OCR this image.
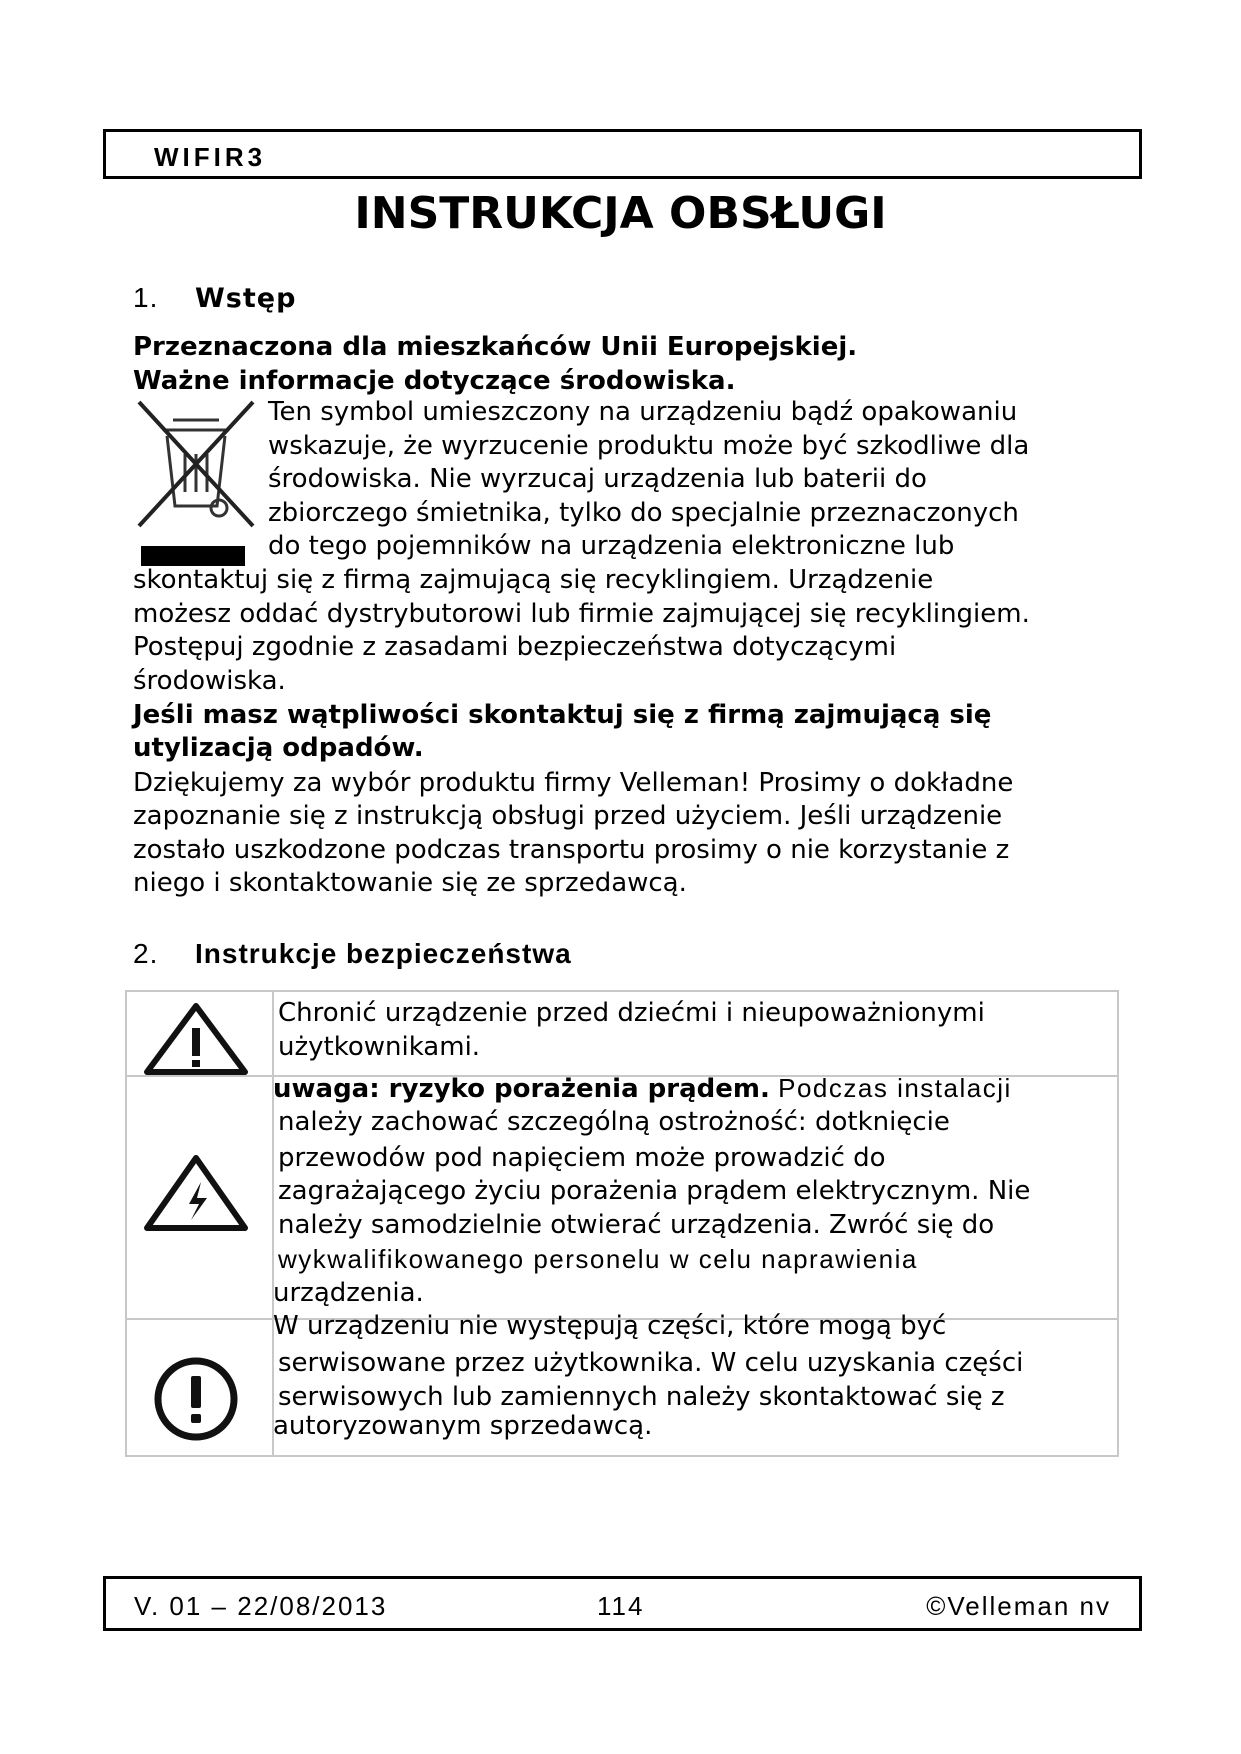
WIFIR3
INSTRUKCJA OBSŁUGI
1. Wstęp
Przeznaczona dla mieszkańców Unii Europejskiej.
Ważne informacje dotyczące środowiska.
Ten symbol umieszczony na urządzeniu bądź opakowaniu
wskazuje, że wyrzucenie produktu może być szkodliwe dla
środowiska. Nie wyrzucaj urządzenia lub baterii do
zbiorczego śmietnika, tylko do specjalnie przeznaczonych
do tego pojemników na urządzenia elektroniczne lub
skontaktuj się z firmą zajmującą się recyklingiem. Urządzenie
możesz oddać dystrybutorowi lub firmie zajmującej się recyklingiem.
Postępuj zgodnie z zasadami bezpieczeństwa dotyczącymi
środowiska.
Jeśli masz wątpliwości skontaktuj się z firmą zajmującą się
utylizacją odpadów.
Dziękujemy za wybór produktu firmy Velleman! Prosimy o dokładne
zapoznanie się z instrukcją obsługi przed użyciem. Jeśli urządzenie
zostało uszkodzone podczas transportu prosimy o nie korzystanie z
niego i skontaktowanie się ze sprzedawcą.
2. Instrukcje bezpieczeństwa
Chronić urządzenie przed dziećmi i nieupoważnionymi
użytkownikami.
uwaga: ryzyko porażenia prądem. Podczas instalacji
należy zachować szczególną ostrożność: dotknięcie
przewodów pod napięciem może prowadzić do
zagrażającego życiu porażenia prądem elektrycznym. Nie
należy samodzielnie otwierać urządzenia. Zwróć się do
wykwalifikowanego personelu w celu naprawienia
urządzenia.
W urządzeniu nie występują części, które mogą być
serwisowane przez użytkownika. W celu uzyskania części
serwisowych lub zamiennych należy skontaktować się z
autoryzowanym sprzedawcą.
V. 01 – 22/08/2013	114	©Velleman nv
